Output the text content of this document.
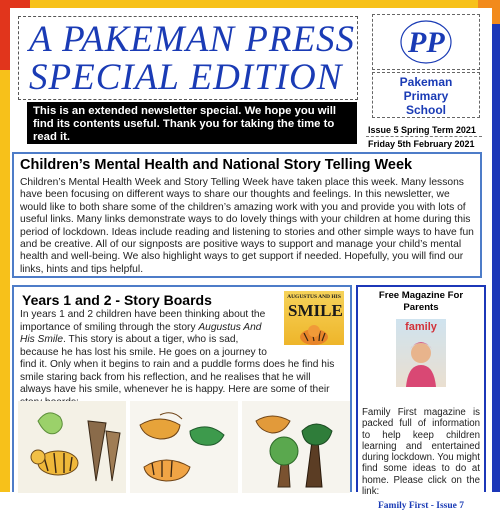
A PAKEMAN PRESS
SPECIAL EDITION
This is an extended newsletter special. We hope you will find its contents useful. Thank you for taking the time to read it.
PP
Pakeman
Primary
School
Issue 5 Spring Term 2021
Friday 5th February 2021
Children’s Mental Health and National Story Telling Week
Children’s Mental Health Week and Story Telling Week have taken place this week. Many lessons have been focusing on different ways to share our thoughts and feelings. In this newsletter, we would like to both share some of the children’s amazing work with you and provide you with lots of useful links. Many links demonstrate ways to do lovely things with your children at home during this period of lockdown. Ideas include reading and listening to stories and other simple ways to have fun and be creative. All of our signposts are positive ways to support and manage your child’s mental health and well-being. We also highlight ways to get support if needed. Hopefully, you will find our links, hints and tips helpful.
Years 1 and 2 - Story Boards	AUGUSTUS AND HIS
SMILE
In years 1 and 2 children have been thinking about the importance of smiling through the story Augustus And His Smile. This story is about a tiger, who is sad, because he has lost his smile. He goes on a journey to find it. Only when it begins to rain and a puddle forms does he find his smile staring back from his reflection, and he realises that he will always have his smile, whenever he is happy. Here are some of their
Free Magazine For Parents
family
Family First magazine is packed full of information to help keep children learning and entertained during lockdown. You might find some ideas to do at home. Please click on the link:
Family First - Issue 7
